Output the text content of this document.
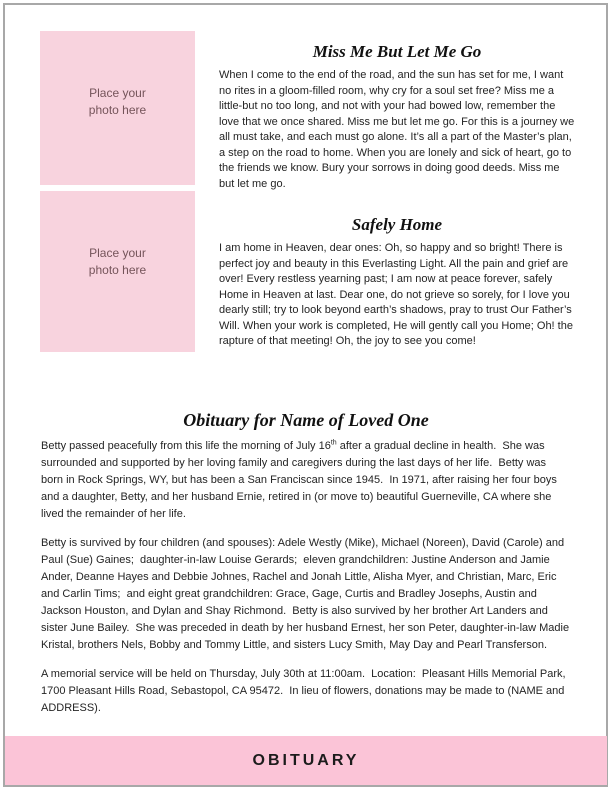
Place your photo here
Place your photo here
Miss Me But Let Me Go
When I come to the end of the road, and the sun has set for me, I want no rites in a gloom-filled room, why cry for a soul set free? Miss me a little-but no too long, and not with your had bowed low, remember the love that we once shared. Miss me but let me go. For this is a journey we all must take, and each must go alone. It’s all a part of the Master’s plan, a step on the road to home. When you are lonely and sick of heart, go to the friends we know. Bury your sorrows in doing good deeds. Miss me but let me go.
Safely Home
I am home in Heaven, dear ones: Oh, so happy and so bright! There is perfect joy and beauty in this Everlasting Light. All the pain and grief are over! Every restless yearning past; I am now at peace forever, safely Home in Heaven at last. Dear one, do not grieve so sorely, for I love you dearly still; try to look beyond earth’s shadows, pray to trust Our Father’s Will. When your work is completed, He will gently call you Home; Oh! the rapture of that meeting! Oh, the joy to see you come!
Obituary for Name of Loved One
Betty passed peacefully from this life the morning of July 16th after a gradual decline in health.  She was surrounded and supported by her loving family and caregivers during the last days of her life.  Betty was born in Rock Springs, WY, but has been a San Franciscan since 1945.  In 1971, after raising her four boys and a daughter, Betty, and her husband Ernie, retired in (or move to) beautiful Guerneville, CA where she lived the remainder of her life.
Betty is survived by four children (and spouses): Adele Westly (Mike), Michael (Noreen), David (Carole) and Paul (Sue) Gaines;  daughter-in-law Louise Gerards;  eleven grandchildren: Justine Anderson and Jamie Ander, Deanne Hayes and Debbie Johnes, Rachel and Jonah Little, Alisha Myer, and Christian, Marc, Eric and Carlin Tims;  and eight great grandchildren: Grace, Gage, Curtis and Bradley Josephs, Austin and Jackson Houston, and Dylan and Shay Richmond.  Betty is also survived by her brother Art Landers and sister June Bailey.  She was preceded in death by her husband Ernest, her son Peter, daughter-in-law Madie Kristal, brothers Nels, Bobby and Tommy Little, and sisters Lucy Smith, May Day and Pearl Transferson.
A memorial service will be held on Thursday, July 30th at 11:00am.  Location:  Pleasant Hills Memorial Park, 1700 Pleasant Hills Road, Sebastopol, CA 95472.  In lieu of flowers, donations may be made to (NAME and ADDRESS).
OBITUARY
